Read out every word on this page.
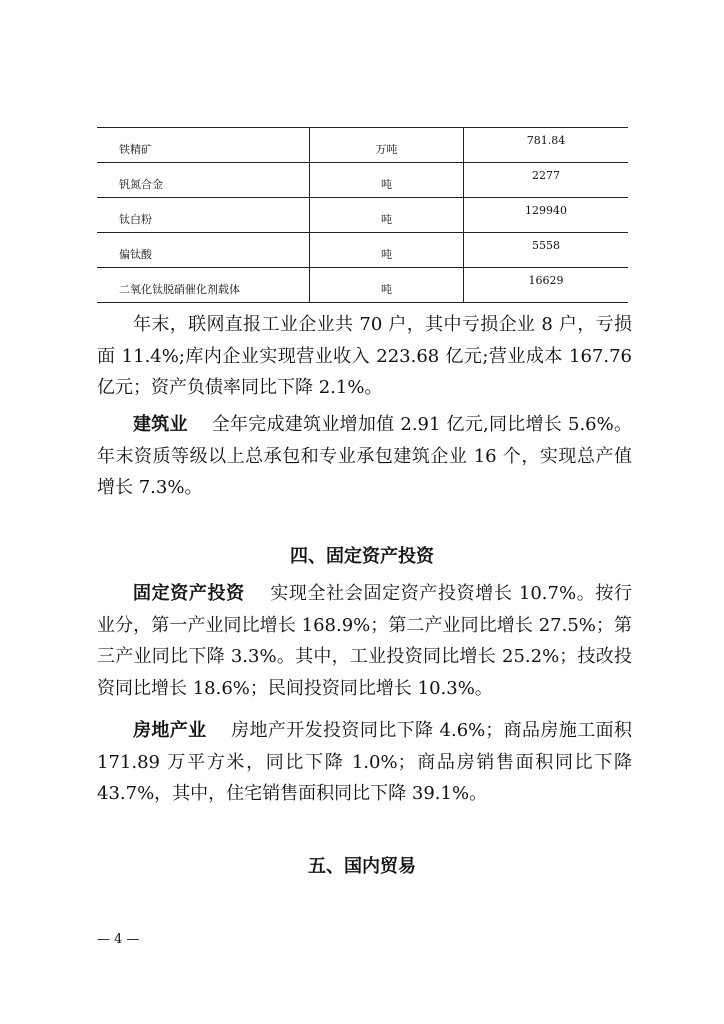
铁精矿	万吨	781.84
钒氮合金	吨	2277
钛白粉	吨	129940
偏钛酸	吨	5558
二氧化钛脱硝催化剂载体	吨	16629

年末，联网直报工业企业共 70 户，其中亏损企业 8 户，亏损面 11.4%;库内企业实现营业收入 223.68 亿元;营业成本 167.76 亿元；资产负债率同比下降 2.1%。

建筑业 全年完成建筑业增加值 2.91 亿元,同比增长 5.6%。年末资质等级以上总承包和专业承包建筑企业 16 个，实现总产值增长 7.3%。

四、固定资产投资

固定资产投资 实现全社会固定资产投资增长 10.7%。按行业分，第一产业同比增长 168.9%；第二产业同比增长 27.5%；第三产业同比下降 3.3%。其中，工业投资同比增长 25.2%；技改投资同比增长 18.6%；民间投资同比增长 10.3%。

房地产业 房地产开发投资同比下降 4.6%；商品房施工面积 171.89 万平方米，同比下降 1.0%；商品房销售面积同比下降 43.7%，其中，住宅销售面积同比下降 39.1%。

五、国内贸易
— 4 —
